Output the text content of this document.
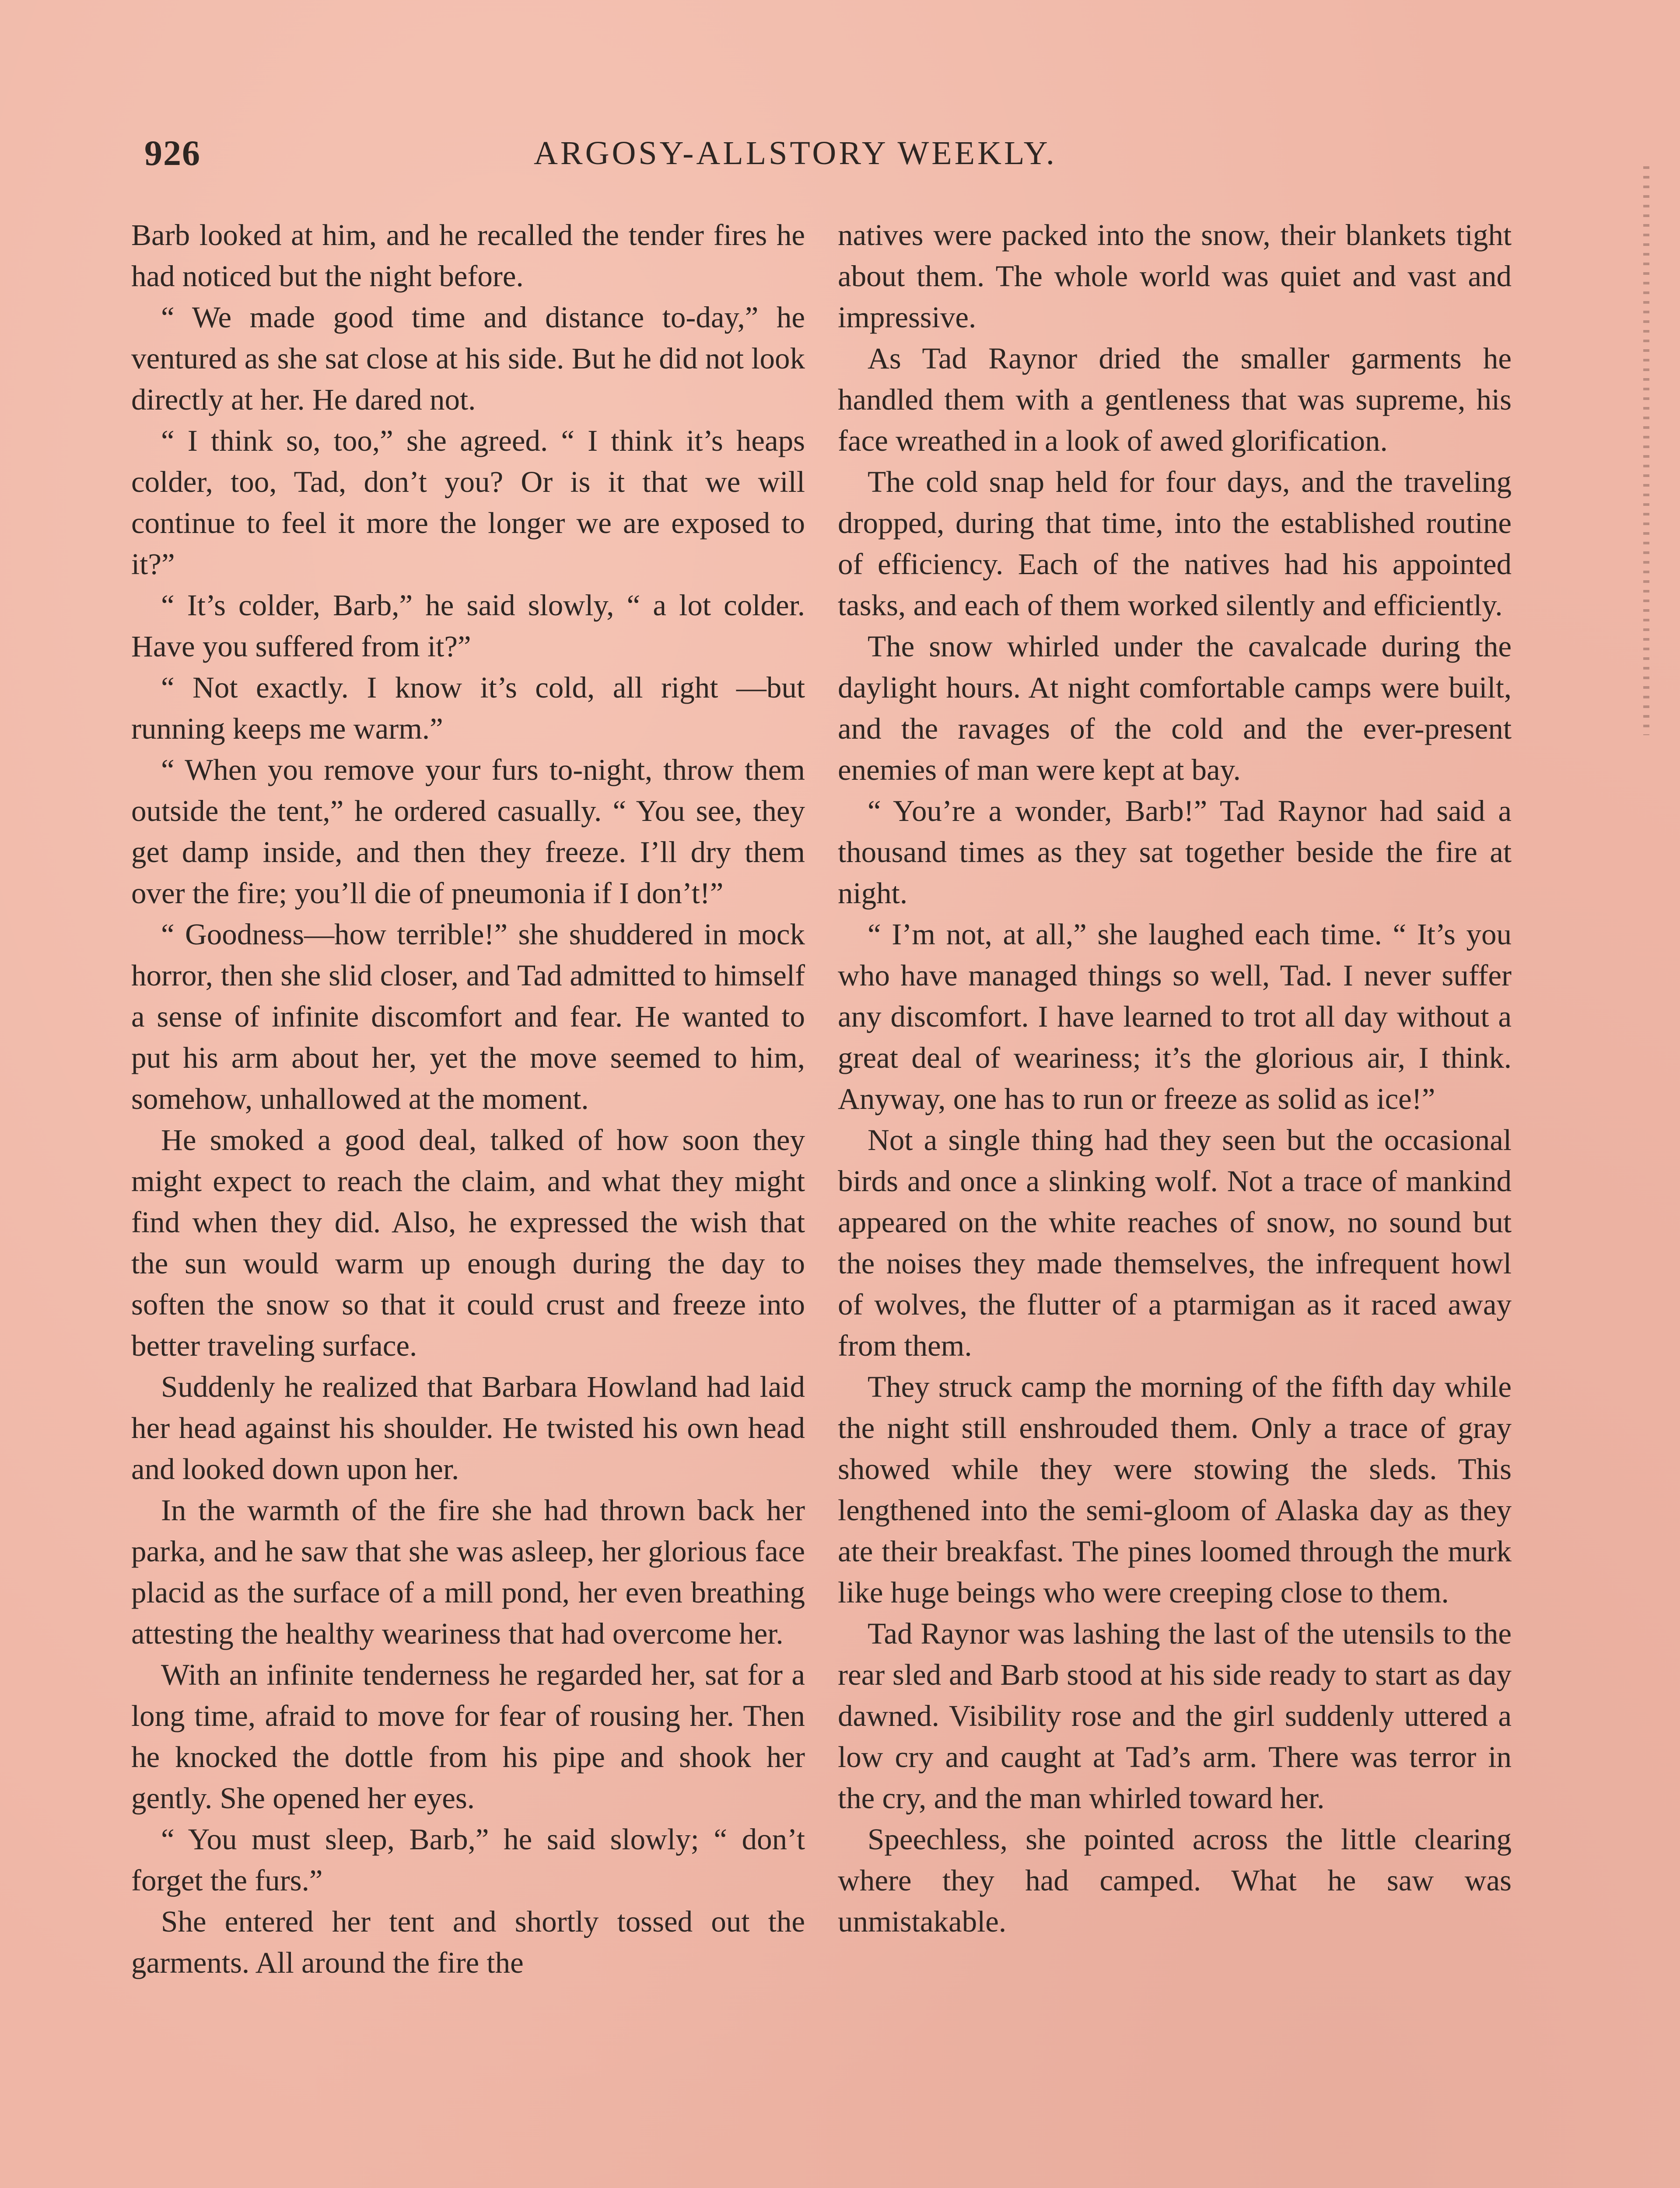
926	ARGOSY-ALLSTORY WEEKLY.

Barb looked at him, and he recalled the tender fires he had noticed but the night before.

“ We made good time and distance to-day,” he ventured as she sat close at his side. But he did not look directly at her. He dared not.

“ I think so, too,” she agreed. “ I think it’s heaps colder, too, Tad, don’t you? Or is it that we will continue to feel it more the longer we are exposed to it?”

“ It’s colder, Barb,” he said slowly, “ a lot colder. Have you suffered from it?”

“ Not exactly. I know it’s cold, all right —but running keeps me warm.”

“ When you remove your furs to-night, throw them outside the tent,” he ordered casually. “ You see, they get damp inside, and then they freeze. I’ll dry them over the fire; you’ll die of pneumonia if I don’t!”

“ Goodness—how terrible!” she shuddered in mock horror, then she slid closer, and Tad admitted to himself a sense of infinite discomfort and fear. He wanted to put his arm about her, yet the move seemed to him, somehow, unhallowed at the moment.

He smoked a good deal, talked of how soon they might expect to reach the claim, and what they might find when they did. Also, he expressed the wish that the sun would warm up enough during the day to soften the snow so that it could crust and freeze into better traveling surface.

Suddenly he realized that Barbara Howland had laid her head against his shoulder. He twisted his own head and looked down upon her.

In the warmth of the fire she had thrown back her parka, and he saw that she was asleep, her glorious face placid as the surface of a mill pond, her even breathing attesting the healthy weariness that had overcome her.

With an infinite tenderness he regarded her, sat for a long time, afraid to move for fear of rousing her. Then he knocked the dottle from his pipe and shook her gently. She opened her eyes.

“ You must sleep, Barb,” he said slowly; “ don’t forget the furs.”

She entered her tent and shortly tossed out the garments. All around the fire the

natives were packed into the snow, their blankets tight about them. The whole world was quiet and vast and impressive.

As Tad Raynor dried the smaller garments he handled them with a gentleness that was supreme, his face wreathed in a look of awed glorification.

The cold snap held for four days, and the traveling dropped, during that time, into the established routine of efficiency. Each of the natives had his appointed tasks, and each of them worked silently and efficiently.

The snow whirled under the cavalcade during the daylight hours. At night comfortable camps were built, and the ravages of the cold and the ever-present enemies of man were kept at bay.

“ You’re a wonder, Barb!” Tad Raynor had said a thousand times as they sat together beside the fire at night.

“ I’m not, at all,” she laughed each time. “ It’s you who have managed things so well, Tad. I never suffer any discomfort. I have learned to trot all day without a great deal of weariness; it’s the glorious air, I think. Anyway, one has to run or freeze as solid as ice!”

Not a single thing had they seen but the occasional birds and once a slinking wolf. Not a trace of mankind appeared on the white reaches of snow, no sound but the noises they made themselves, the infrequent howl of wolves, the flutter of a ptarmigan as it raced away from them.

They struck camp the morning of the fifth day while the night still enshrouded them. Only a trace of gray showed while they were stowing the sleds. This lengthened into the semi-gloom of Alaska day as they ate their breakfast. The pines loomed through the murk like huge beings who were creeping close to them.

Tad Raynor was lashing the last of the utensils to the rear sled and Barb stood at his side ready to start as day dawned. Visibility rose and the girl suddenly uttered a low cry and caught at Tad’s arm. There was terror in the cry, and the man whirled toward her.

Speechless, she pointed across the little clearing where they had camped. What he saw was unmistakable.
